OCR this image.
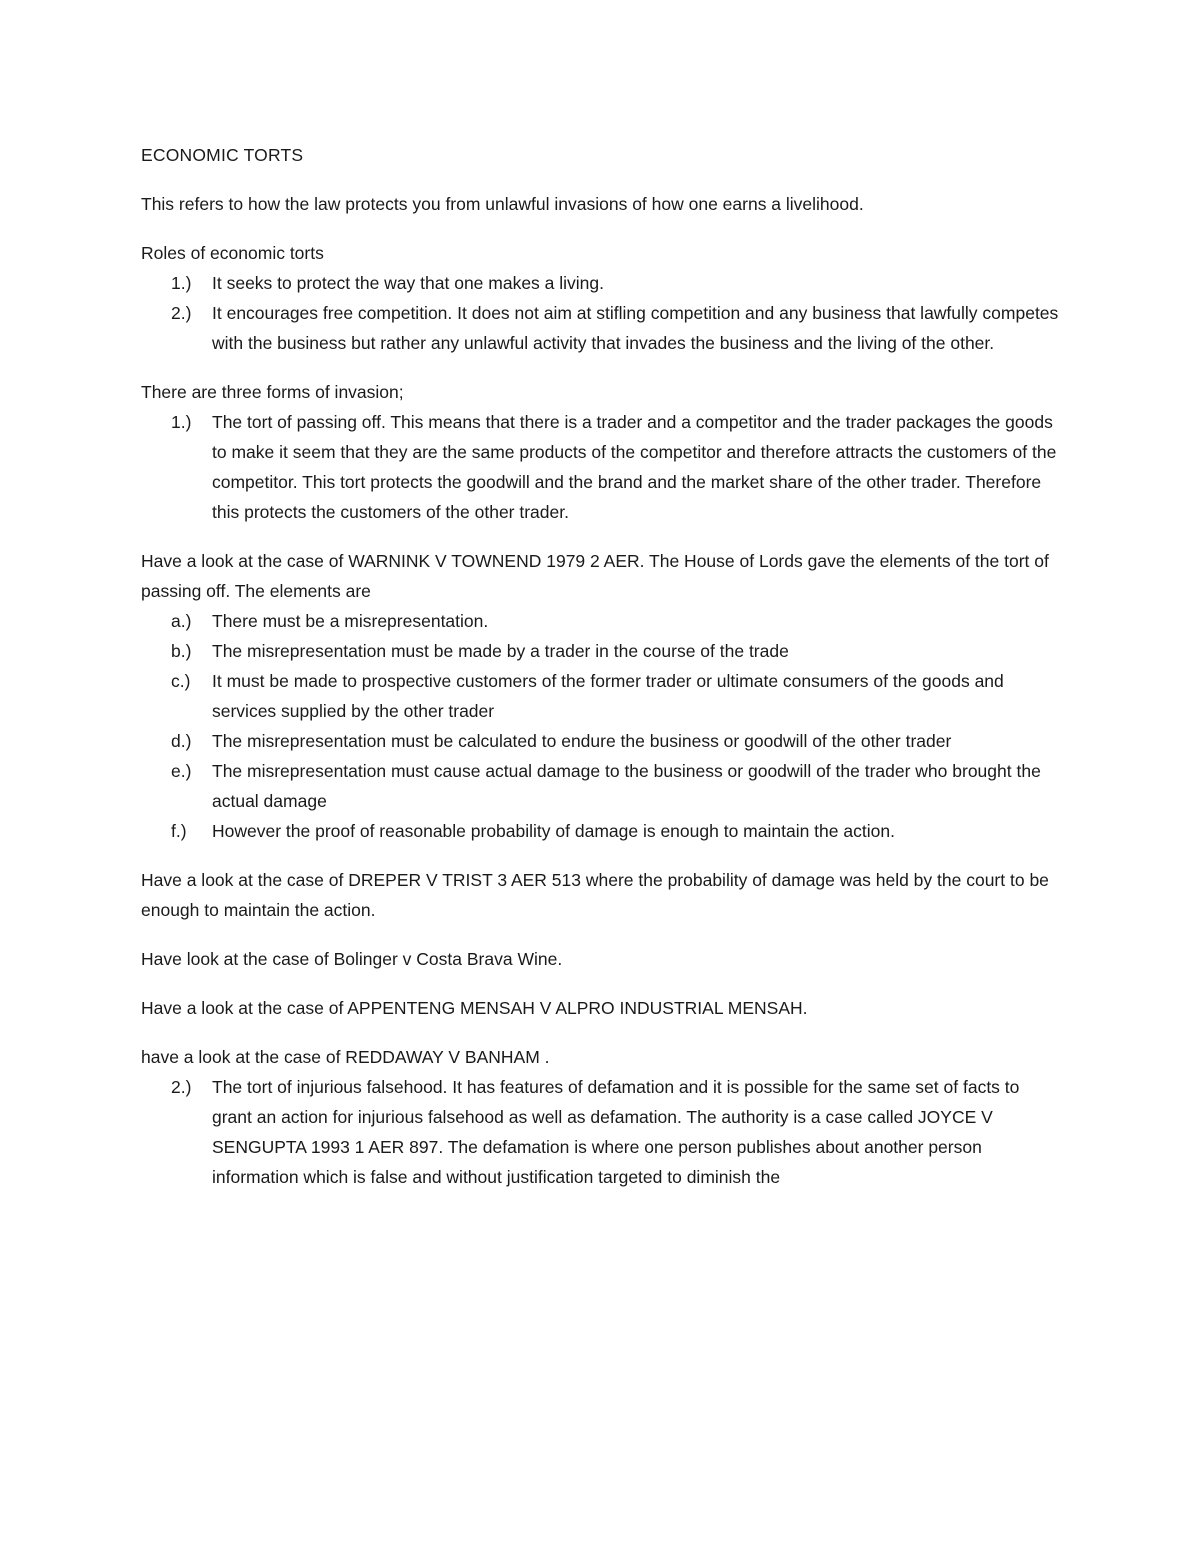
ECONOMIC TORTS

This refers to how the law protects you from unlawful invasions of how one earns a livelihood.

Roles of economic torts

1.)	It seeks to protect the way that one makes a living.
2.)	It encourages free competition. It does not aim at stifling competition and any business that lawfully competes with the business but rather any unlawful activity that invades the business and the living of the other.

There are three forms of invasion;

1.)	The tort of passing off. This means that there is a trader and a competitor and the trader packages the goods to make it seem that they are the same products of the competitor and therefore attracts the customers of the competitor. This tort protects the goodwill and the brand and the market share of the other trader. Therefore this protects the customers of the other trader.

Have a look at the case of WARNINK V TOWNEND 1979 2 AER. The House of Lords gave the elements of the tort of passing off. The elements are

a.)	There must be a misrepresentation.
b.)	The misrepresentation must be made by a trader in the course of the trade
c.)	It must be made to prospective customers of the former trader or ultimate consumers of the goods and services supplied by the other trader
d.)	The misrepresentation must be calculated to endure the business or goodwill of the other trader
e.)	The misrepresentation must cause actual damage to the business or goodwill of the trader who brought the actual damage
f.)	However the proof of reasonable probability of damage is enough to maintain the action.

Have a look at the case of DREPER V TRIST 3 AER 513 where the probability of damage was held by the court to be enough to maintain the action.

Have look at the case of Bolinger v Costa Brava Wine.

Have a look at the case of APPENTENG MENSAH V ALPRO INDUSTRIAL MENSAH.

have a look at the case of REDDAWAY V BANHAM .

2.)	The tort of injurious falsehood. It has features of defamation and it is possible for the same set of facts to grant an action for injurious falsehood as well as defamation. The authority is a case called JOYCE V SENGUPTA 1993 1 AER 897. The defamation is where one person publishes about another person information which is false and without justification targeted to diminish the
